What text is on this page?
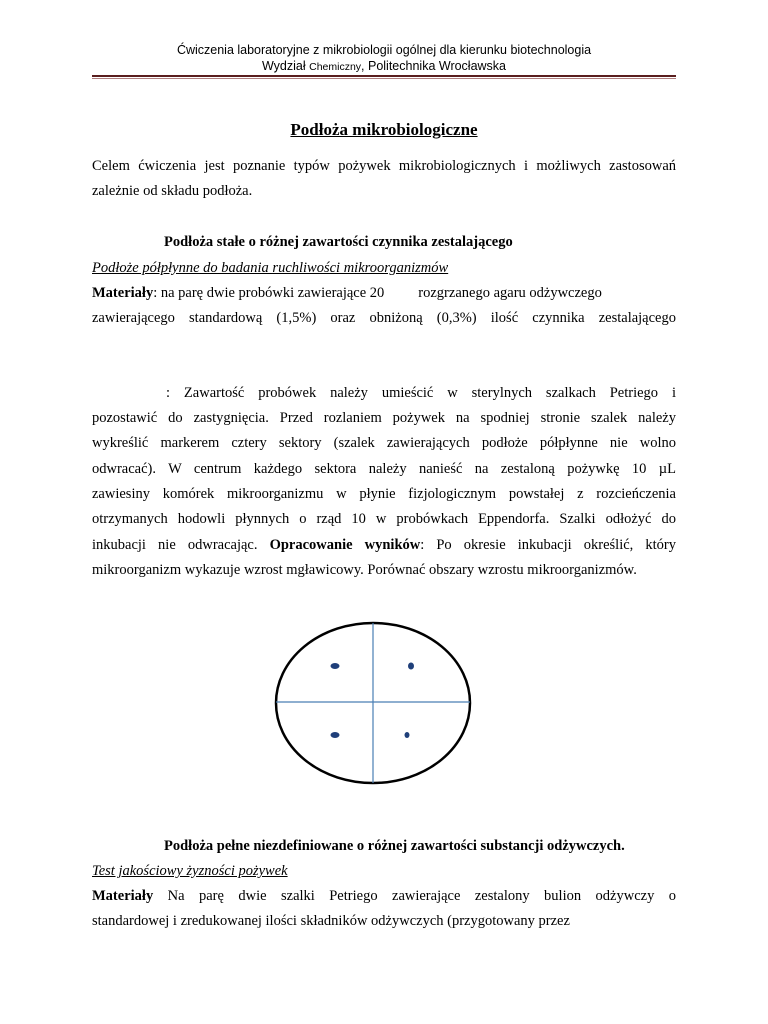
Ćwiczenia laboratoryjne z mikrobiologii ogólnej dla kierunku biotechnologia
Wydział Chemiczny, Politechnika Wrocławska
Podłoża mikrobiologiczne
Celem ćwiczenia jest poznanie typów pożywek mikrobiologicznych i możliwych zastosowań
zależnie od składu podłoża.
Podłoża stałe o różnej zawartości czynnika zestalającego
Podłoże półpłynne do badania ruchliwości mikroorganizmów
Materiały: na parę dwie probówki zawierające 20 rozgrzanego agaru odżywczego
zawierającego standardową (1,5%) oraz obniżoną (0,3%) ilość czynnika zestalającego
: Zawartość probówek należy umieścić w sterylnych szalkach Petriego i
pozostawić do zastygnięcia. Przed rozlaniem pożywek na spodniej stronie szalek należy
wykreślić markerem cztery sektory (szalek zawierających podłoże półpłynne nie wolno
odwracać). W centrum każdego sektora należy nanieść na zestaloną pożywkę 10 µL
zawiesiny komórek mikroorganizmu w płynie fizjologicznym powstałej z rozcieńczenia
otrzymanych hodowli płynnych o rząd 10 w probówkach Eppendorfa. Szalki odłożyć do
inkubacji nie odwracając. Opracowanie wyników: Po okresie inkubacji określić, który
mikroorganizm wykazuje wzrost mgławicowy. Porównać obszary wzrostu mikroorganizmów.
Podłoża pełne niezdefiniowane o różnej zawartości substancji odżywczych.
Test jakościowy żyzności pożywek
Materiały Na parę dwie szalki Petriego zawierające zestalony bulion odżywczy o
standardowej i zredukowanej ilości składników odżywczych (przygotowany przez
